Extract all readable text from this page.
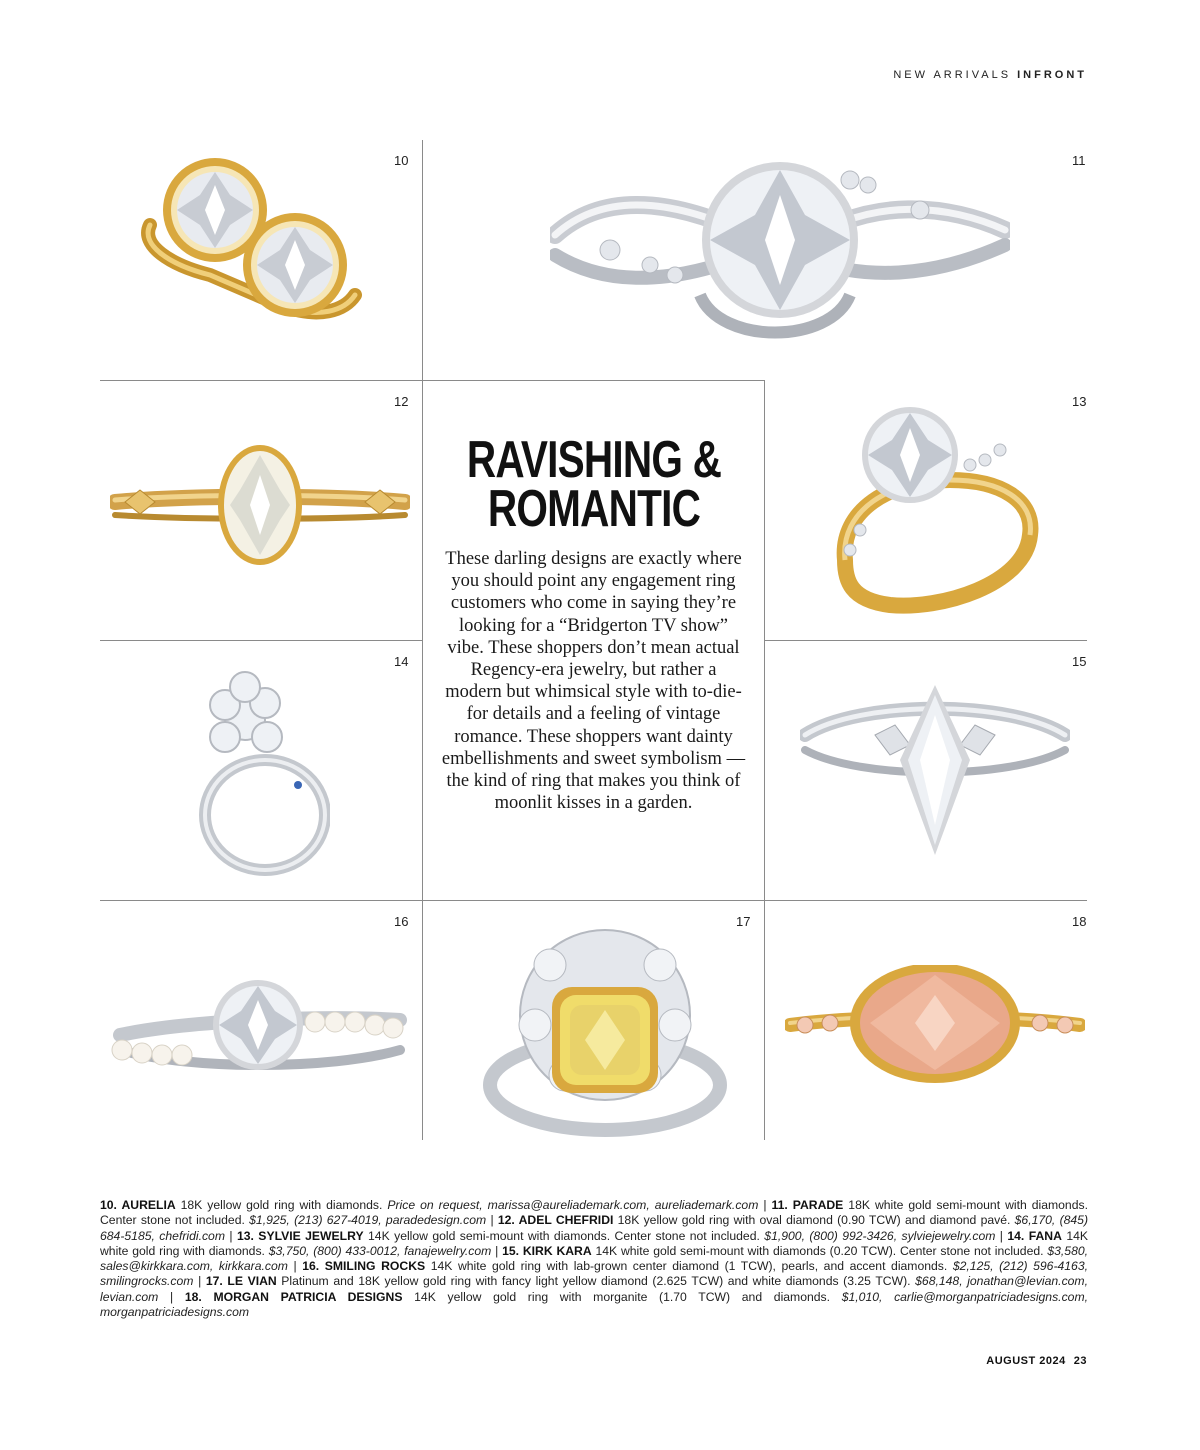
NEW ARRIVALS INFRONT
10	11
12	13
14	15
16	17	18
RAVISHING &
ROMANTIC
These darling designs are exactly where you should point any engagement ring customers who come in saying they’re looking for a “Bridgerton TV show” vibe. These shoppers don’t mean actual Regency-era jewelry, but rather a modern but whimsical style with to-die-for details and a feeling of vintage romance. These shoppers want dainty embellishments and sweet symbolism — the kind of ring that makes you think of moonlit kisses in a garden.
10. AURELIA 18K yellow gold ring with diamonds. Price on request, marissa@aureliademark.com, aureliademark.com | 11. PARADE 18K white gold semi-mount with diamonds. Center stone not included. $1,925, (213) 627-4019, paradedesign.com | 12. ADEL CHEFRIDI 18K yellow gold ring with oval diamond (0.90 TCW) and diamond pavé. $6,170, (845) 684-5185, chefridi.com | 13. SYLVIE JEWELRY 14K yellow gold semi-mount with diamonds. Center stone not included. $1,900, (800) 992-3426, sylviejewelry.com | 14. FANA 14K white gold ring with diamonds. $3,750, (800) 433-0012, fanajewelry.com | 15. KIRK KARA 14K white gold semi-mount with diamonds (0.20 TCW). Center stone not included. $3,580, sales@kirkkara.com, kirkkara.com | 16. SMILING ROCKS 14K white gold ring with lab-grown center diamond (1 TCW), pearls, and accent diamonds. $2,125, (212) 596-4163, smilingrocks.com | 17. LE VIAN Platinum and 18K yellow gold ring with fancy light yellow diamond (2.625 TCW) and white diamonds (3.25 TCW). $68,148, jonathan@levian.com, levian.com | 18. MORGAN PATRICIA DESIGNS 14K yellow gold ring with morganite (1.70 TCW) and diamonds. $1,010, carlie@morganpatriciadesigns.com, morganpatriciadesigns.com
AUGUST 2024 23
